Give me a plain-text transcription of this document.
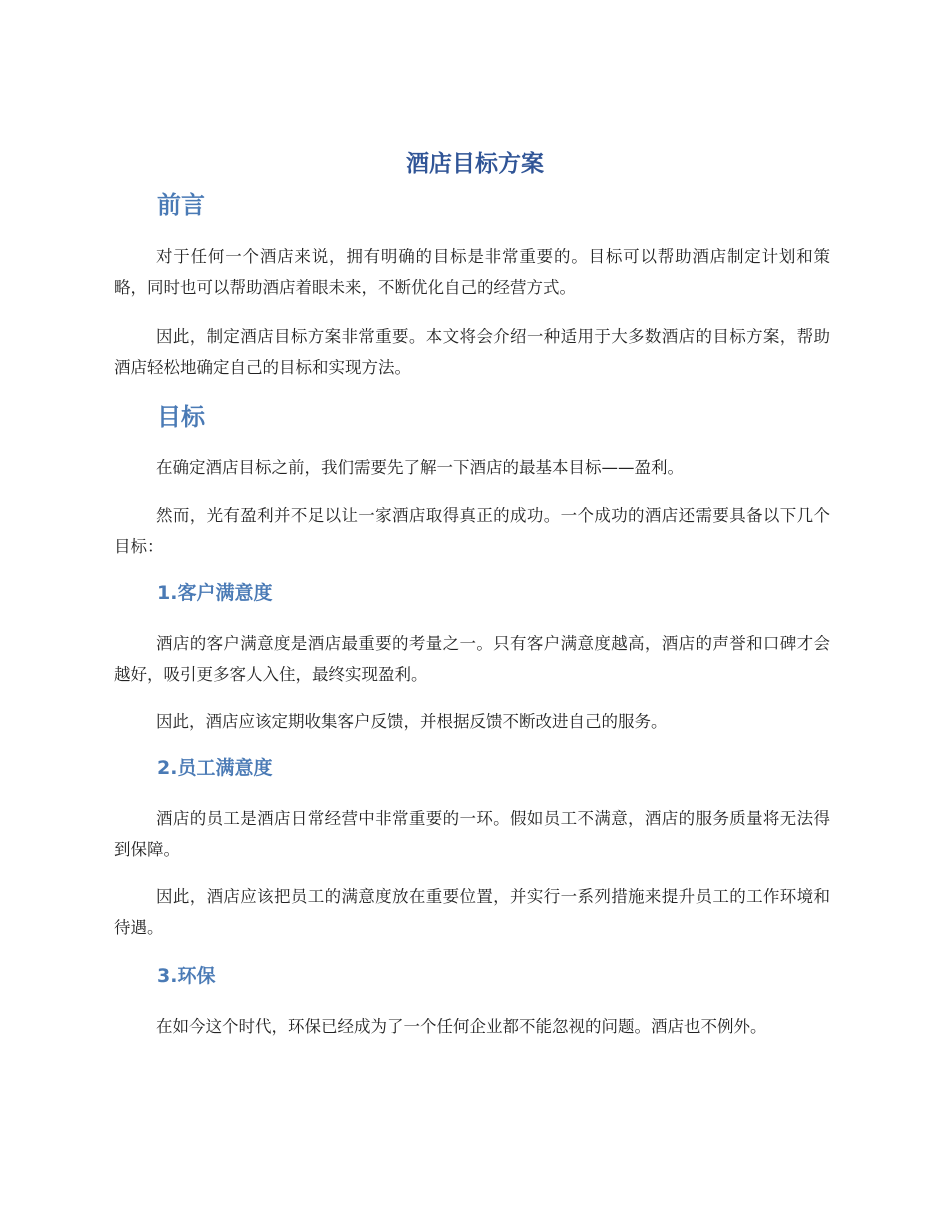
酒店目标方案
前言

对于任何一个酒店来说，拥有明确的目标是非常重要的。目标可以帮助酒店制定计划和策略，同时也可以帮助酒店着眼未来，不断优化自己的经营方式。

因此，制定酒店目标方案非常重要。本文将会介绍一种适用于大多数酒店的目标方案，帮助酒店轻松地确定自己的目标和实现方法。

目标

在确定酒店目标之前，我们需要先了解一下酒店的最基本目标——盈利。

然而，光有盈利并不足以让一家酒店取得真正的成功。一个成功的酒店还需要具备以下几个目标：

1.客户满意度

酒店的客户满意度是酒店最重要的考量之一。只有客户满意度越高，酒店的声誉和口碑才会越好，吸引更多客人入住，最终实现盈利。

因此，酒店应该定期收集客户反馈，并根据反馈不断改进自己的服务。

2.员工满意度

酒店的员工是酒店日常经营中非常重要的一环。假如员工不满意，酒店的服务质量将无法得到保障。

因此，酒店应该把员工的满意度放在重要位置，并实行一系列措施来提升员工的工作环境和待遇。

3.环保

在如今这个时代，环保已经成为了一个任何企业都不能忽视的问题。酒店也不例外。
